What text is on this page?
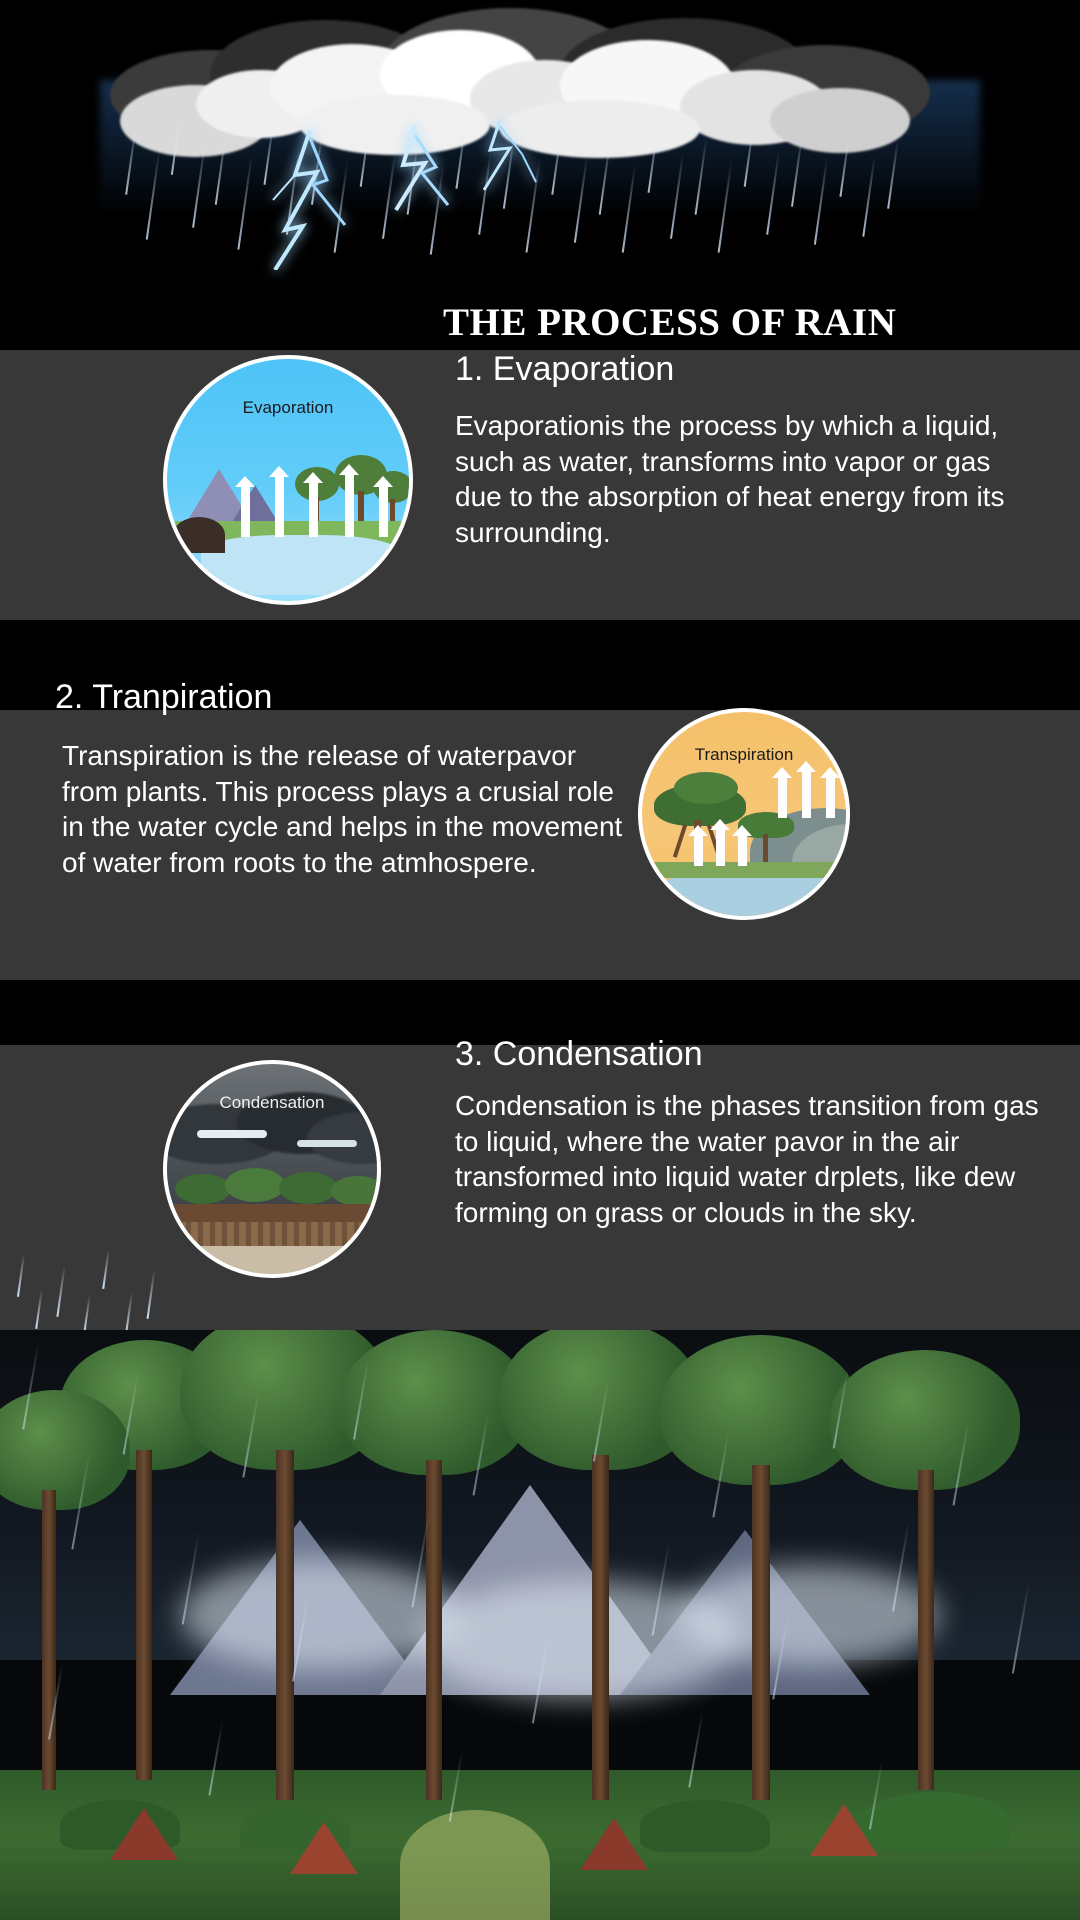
THE PROCESS OF RAIN
Evaporation
1. Evaporation
Evaporationis the process by which a liquid, such as water, transforms into vapor or gas due to the absorption of heat energy from its surrounding.
2. Tranpiration
Transpiration is the release of waterpavor from plants. This process plays a crusial role in the water cycle and helps in the movement of water from roots to the atmhospere.
Transpiration
Condensation
3. Condensation
Condensation is the phases transition from gas to liquid, where the water pavor in the air transformed into liquid water drplets, like dew forming on grass or clouds in the sky.
